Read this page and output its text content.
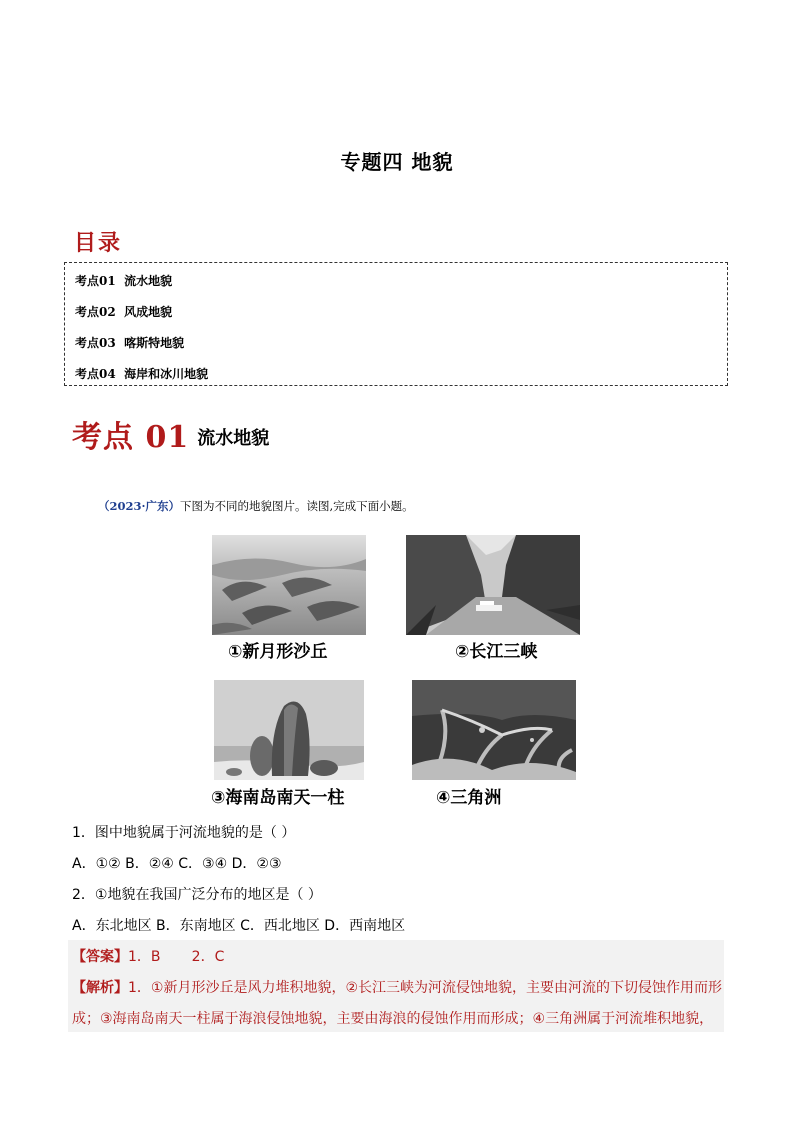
专题四 地貌
目录
考点01 流水地貌
考点02 风成地貌
考点03 喀斯特地貌
考点04 海岸和冰川地貌
考点 01 流水地貌
（2023·广东）下图为不同的地貌图片。读图,完成下面小题。
①新月形沙丘	②长江三峡
③海南岛南天一柱	④三角洲
1．图中地貌属于河流地貌的是（ ）
A．①② B．②④ C．③④ D．②③
2．①地貌在我国广泛分布的地区是（ ）
A．东北地区 B．东南地区 C．西北地区 D．西南地区
【答案】1．B       2．C
【解析】1．①新月形沙丘是风力堆积地貌，②长江三峡为河流侵蚀地貌，主要由河流的下切侵蚀作用而形
成；③海南岛南天一柱属于海浪侵蚀地貌，主要由海浪的侵蚀作用而形成；④三角洲属于河流堆积地貌，
